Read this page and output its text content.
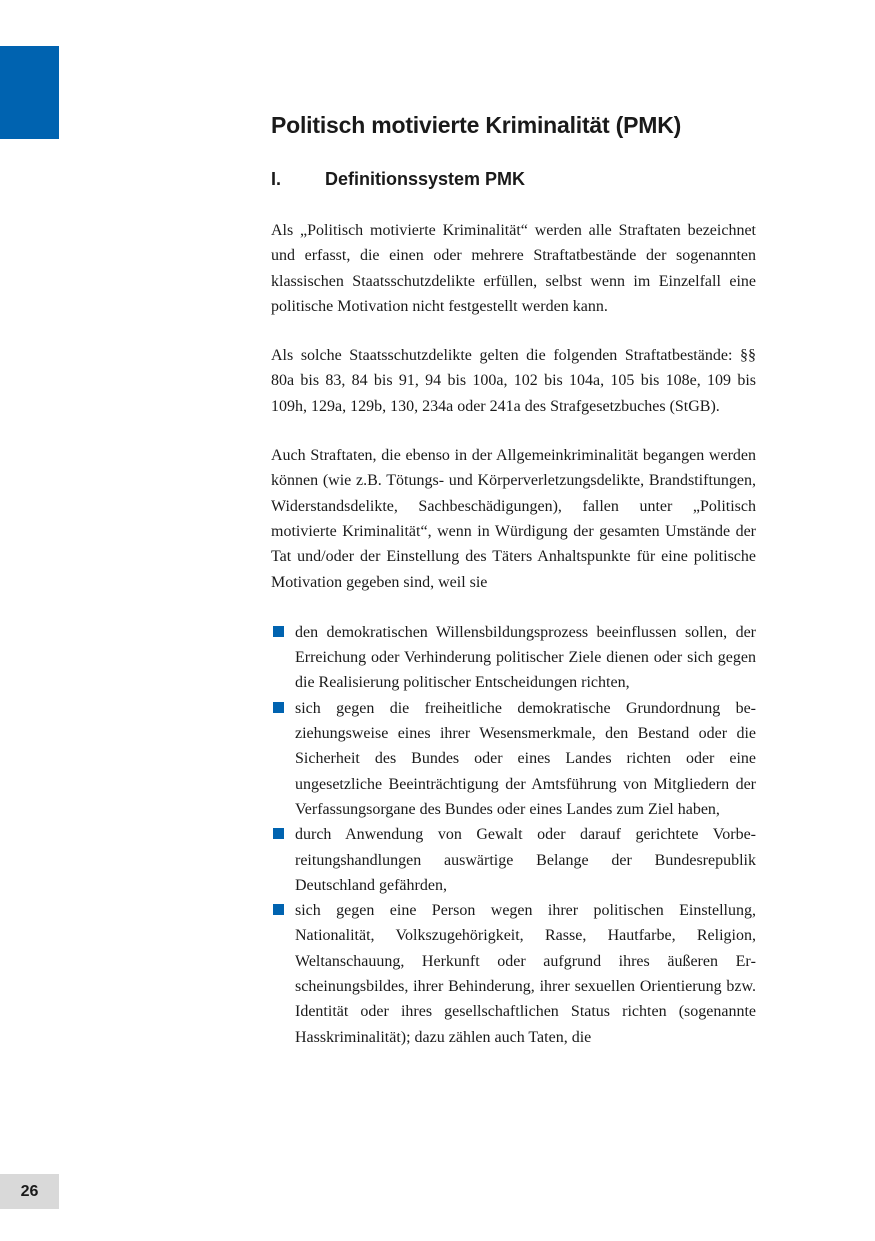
26
Politisch motivierte Kriminalität (PMK)
I.	Definitionssystem PMK

Als „Politisch motivierte Kriminalität“ werden alle Straftaten bezeichnet und erfasst, die einen oder mehrere Straftatbestände der sogenannten klassischen Staatsschutzdelikte erfüllen, selbst wenn im Einzelfall eine politische Motivation nicht festgestellt werden kann.

Als solche Staatsschutzdelikte gelten die folgenden Straftatbestände: §§ 80a bis 83, 84 bis 91, 94 bis 100a, 102 bis 104a, 105 bis 108e, 109 bis 109h, 129a, 129b, 130, 234a oder 241a des Strafgesetzbuches (StGB).

Auch Straftaten, die ebenso in der Allgemeinkriminalität begangen werden können (wie z.B. Tötungs- und Körperverletzungsdelikte, Brandstiftungen, Widerstandsdelikte, Sachbeschädigungen), fallen unter „Politisch motivierte Kriminalität“, wenn in Würdigung der gesamten Umstände der Tat und/oder der Einstellung des Täters Anhaltspunkte für eine politische Motivation gegeben sind, weil sie

den demokratischen Willensbildungsprozess beeinflussen sollen, der Erreichung oder Verhinderung politischer Ziele dienen oder sich gegen die Realisierung politischer Entscheidungen richten,
sich gegen die freiheitliche demokratische Grundordnung beziehungsweise eines ihrer Wesensmerkmale, den Bestand oder die Sicherheit des Bundes oder eines Landes richten oder eine ungesetzliche Beeinträchtigung der Amtsführung von Mitgliedern der Verfassungsorgane des Bundes oder eines Landes zum Ziel haben,
durch Anwendung von Gewalt oder darauf gerichtete Vorbereitungshandlungen auswärtige Belange der Bundesrepublik Deutschland gefährden,
sich gegen eine Person wegen ihrer politischen Einstellung, Nationalität, Volkszugehörigkeit, Rasse, Hautfarbe, Religion, Weltanschauung, Herkunft oder aufgrund ihres äußeren Erscheinungsbildes, ihrer Behinderung, ihrer sexuellen Orientierung bzw. Identität oder ihres gesellschaftlichen Status richten (sogenannte Hasskriminalität); dazu zählen auch Taten, die
